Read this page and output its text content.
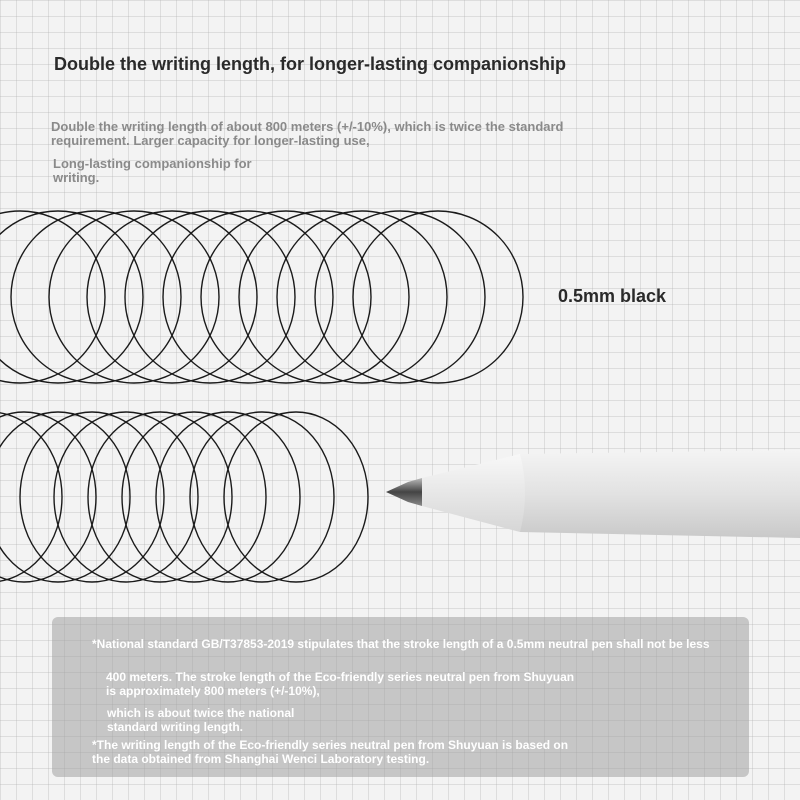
Double the writing length, for longer-lasting companionship

Double the writing length of about 800 meters (+/-10%), which is twice the standard requirement. Larger capacity for longer-lasting use,

Long-lasting companionship for writing.

0.5mm black

*National standard GB/T37853-2019 stipulates that the stroke length of a 0.5mm neutral pen shall not be less

400 meters. The stroke length of the Eco-friendly series neutral pen from Shuyuan is approximately 800 meters (+/-10%),

which is about twice the national standard writing length.

*The writing length of the Eco-friendly series neutral pen from Shuyuan is based on the data obtained from Shanghai Wenci Laboratory testing.
